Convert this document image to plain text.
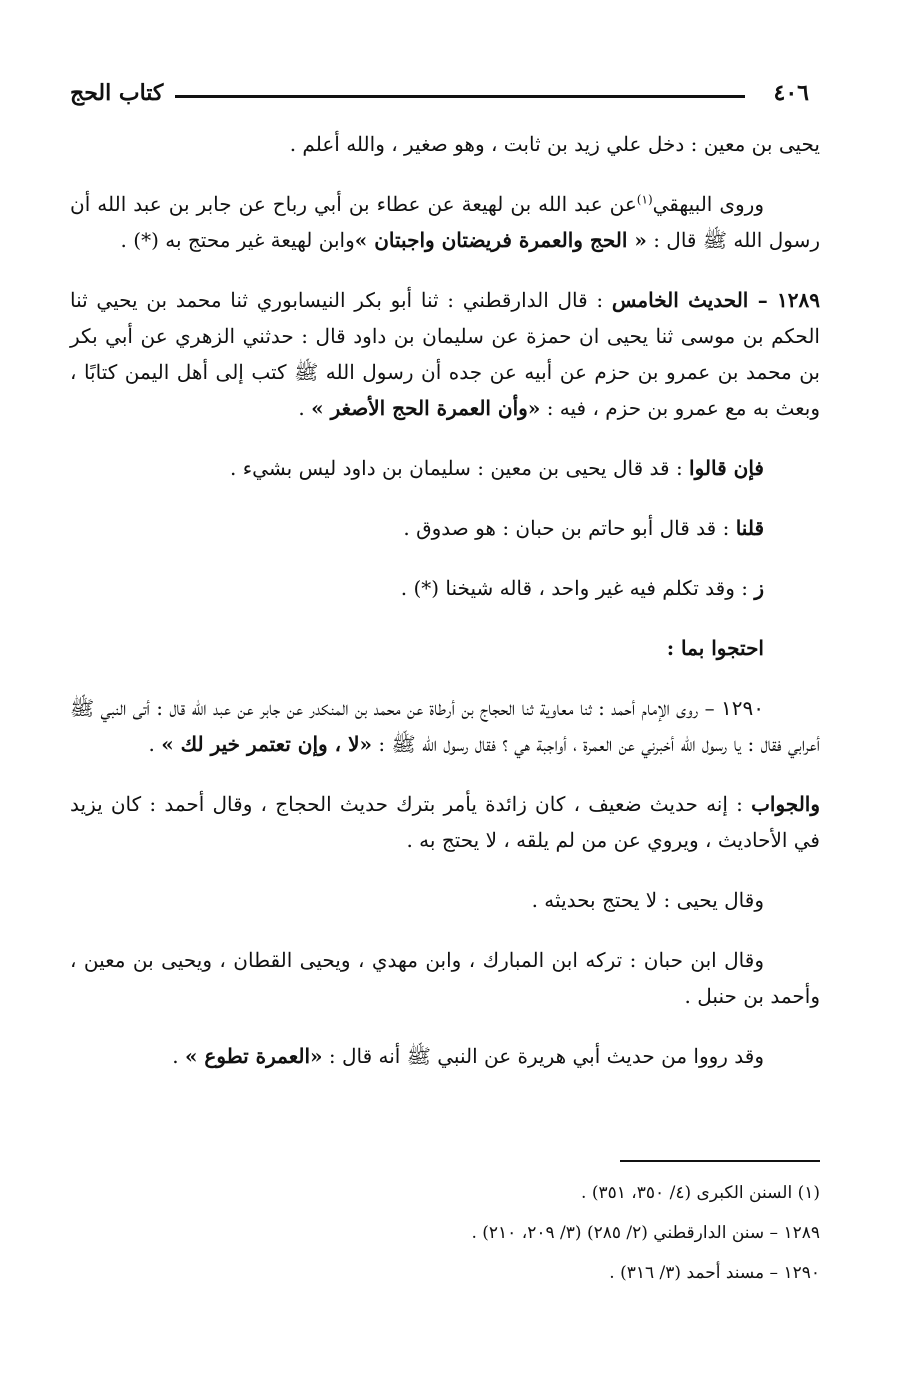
٤٠٦
كتاب الحج

يحيى بن معين : دخل علي زيد بن ثابت ، وهو صغير ، والله أعلم .

وروى البيهقي$^{(١)}$عن عبد الله بن لهيعة عن عطاء بن أبي رباح عن جابر بن عبد الله أن رسول الله ﷺ قال : « الحج والعمرة فريضتان واجبتان »وابن لهيعة غير محتج به (*) .

١٢٨٩ – الحديث الخامس : قال الدارقطني : ثنا أبو بكر النيسابوري ثنا محمد بن يحيي ثنا الحكم بن موسى ثنا يحيى ان حمزة عن سليمان بن داود قال : حدثني الزهري عن أبي بكر بن محمد بن عمرو بن حزم عن أبيه عن جده أن رسول الله ﷺ كتب إلى أهل اليمن كتابًا ، وبعث به مع عمرو بن حزم ، فيه : «وأن العمرة الحج الأصغر » .

فإن قالوا : قد قال يحيى بن معين : سليمان بن داود ليس بشيء .

قلنا : قد قال أبو حاتم بن حبان : هو صدوق .

ز : وقد تكلم فيه غير واحد ، قاله شيخنا (*) .

احتجوا بما :

١٢٩٠ – روى الإمام أحمد : ثنا معاوية ثنا الحجاج بن أرطاة عن محمد بن المنكدر عن جابر عن عبد الله قال : أتى النبي ﷺ أعرابي فقال : يا رسول الله أخبرني عن العمرة ، أواجبة هي ؟ فقال رسول الله ﷺ : «لا ، وإن تعتمر خير لك » .

والجواب : إنه حديث ضعيف ، كان زائدة يأمر بترك حديث الحجاج ، وقال أحمد : كان يزيد في الأحاديث ، ويروي عن من لم يلقه ، لا يحتج به .

وقال يحيى : لا يحتج بحديثه .

وقال ابن حبان : تركه ابن المبارك ، وابن مهدي ، ويحيى القطان ، ويحيى بن معين ، وأحمد بن حنبل .

وقد رووا من حديث أبي هريرة عن النبي ﷺ أنه قال : «العمرة تطوع » .

(١) السنن الكبرى (٤/ ٣٥٠، ٣٥١) .

١٢٨٩ – سنن الدارقطني (٢/ ٢٨٥) (٣/ ٢٠٩، ٢١٠) .

١٢٩٠ – مسند أحمد (٣/ ٣١٦) .
